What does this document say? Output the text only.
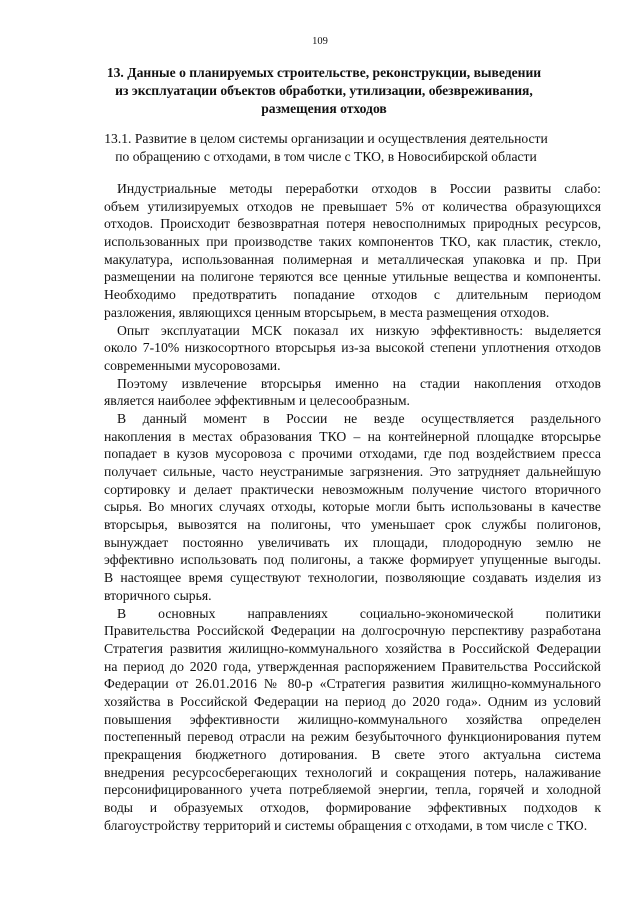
109
13. Данные о планируемых строительстве, реконструкции, выведении
из эксплуатации объектов обработки, утилизации, обезвреживания,
размещения отходов
13.1. Развитие в целом системы организации и осуществления деятельности
по обращению с отходами, в том числе с ТКО, в Новосибирской области
Индустриальные методы переработки отходов в России развиты слабо:
объем утилизируемых отходов не превышает 5% от количества образующихся
отходов. Происходит безвозвратная потеря невосполнимых природных ресурсов,
использованных при производстве таких компонентов ТКО, как пластик, стекло,
макулатура, использованная полимерная и металлическая упаковка и пр. При
размещении на полигоне теряются все ценные утильные вещества и компоненты.
Необходимо предотвратить попадание отходов с длительным периодом
разложения, являющихся ценным вторсырьем, в места размещения отходов.
Опыт эксплуатации МСК показал их низкую эффективность: выделяется
около 7-10% низкосортного вторсырья из-за высокой степени уплотнения отходов
современными мусоровозами.
Поэтому извлечение вторсырья именно на стадии накопления отходов
является наиболее эффективным и целесообразным.
В данный момент в России не везде осуществляется раздельного
накопления в местах образования ТКО – на контейнерной площадке вторсырье
попадает в кузов мусоровоза с прочими отходами, где под воздействием пресса
получает сильные, часто неустранимые загрязнения. Это затрудняет дальнейшую
сортировку и делает практически невозможным получение чистого вторичного
сырья. Во многих случаях отходы, которые могли быть использованы в качестве
вторсырья, вывозятся на полигоны, что уменьшает срок службы полигонов,
вынуждает постоянно увеличивать их площади, плодородную землю не
эффективно использовать под полигоны, а также формирует упущенные выгоды.
В настоящее время существуют технологии, позволяющие создавать изделия из
вторичного сырья.
В основных направлениях социально-экономической политики
Правительства Российской Федерации на долгосрочную перспективу разработана
Стратегия развития жилищно-коммунального хозяйства в Российской Федерации
на период до 2020 года, утвержденная распоряжением Правительства Российской
Федерации от 26.01.2016 № 80-р «Стратегия развития жилищно-коммунального
хозяйства в Российской Федерации на период до 2020 года». Одним из условий
повышения эффективности жилищно-коммунального хозяйства определен
постепенный перевод отрасли на режим безубыточного функционирования путем
прекращения бюджетного дотирования. В свете этого актуальна система
внедрения ресурсосберегающих технологий и сокращения потерь, налаживание
персонифицированного учета потребляемой энергии, тепла, горячей и холодной
воды и образуемых отходов, формирование эффективных подходов к
благоустройству территорий и системы обращения с отходами, в том числе с ТКО.
